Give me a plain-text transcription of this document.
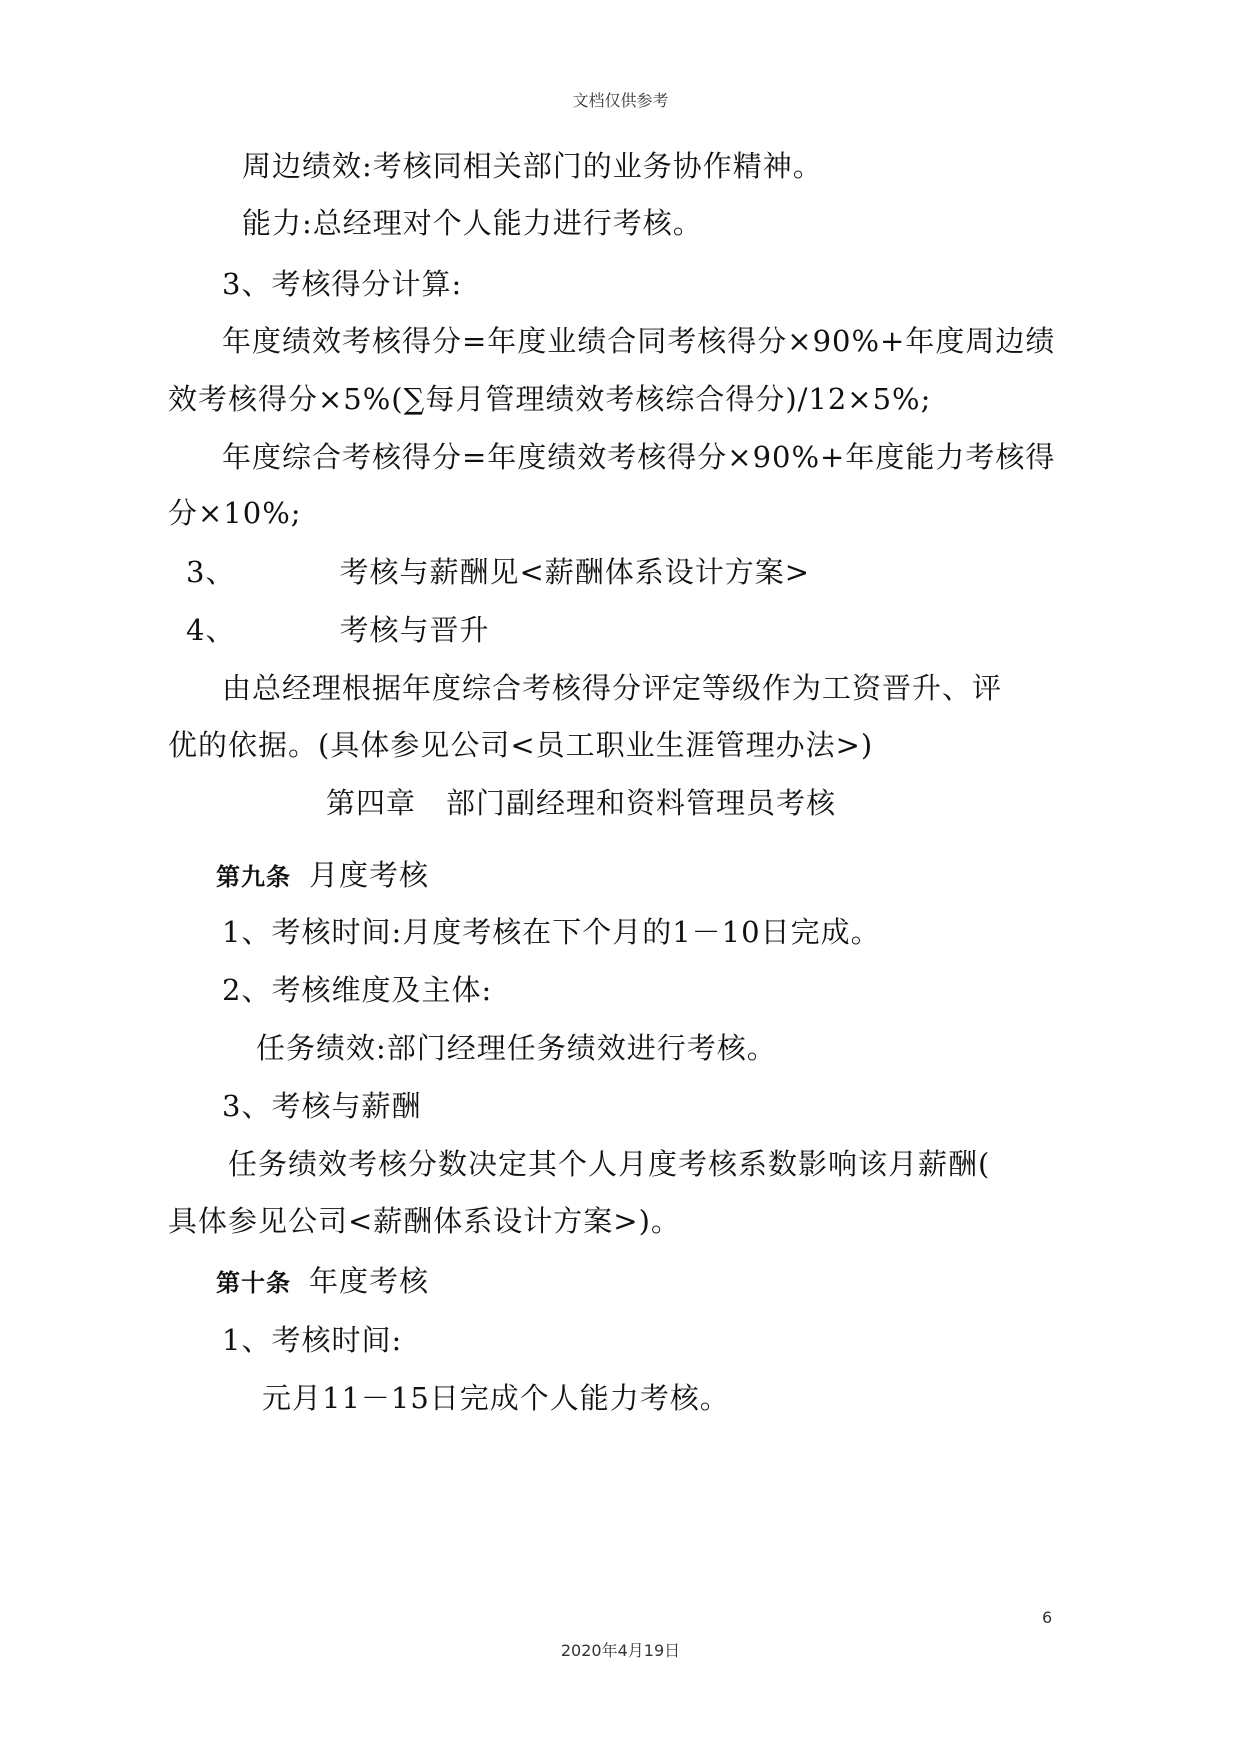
文档仅供参考
周边绩效:考核同相关部门的业务协作精神。
能力:总经理对个人能力进行考核。
3、考核得分计算:
年度绩效考核得分=年度业绩合同考核得分×90%+年度周边绩
效考核得分×5%(∑每月管理绩效考核综合得分)/12×5%;
年度综合考核得分=年度绩效考核得分×90%+年度能力考核得
分×10%;
3、	考核与薪酬见<薪酬体系设计方案>
4、	考核与晋升
由总经理根据年度综合考核得分评定等级作为工资晋升、评
优的依据。(具体参见公司<员工职业生涯管理办法>)
第四章　部门副经理和资料管理员考核
第九条 月度考核
1、考核时间:月度考核在下个月的1－10日完成。
2、考核维度及主体:
任务绩效:部门经理任务绩效进行考核。
3、考核与薪酬
任务绩效考核分数决定其个人月度考核系数影响该月薪酬(
具体参见公司<薪酬体系设计方案>)。
第十条 年度考核
1、考核时间:
元月11－15日完成个人能力考核。
6
2020年4月19日
